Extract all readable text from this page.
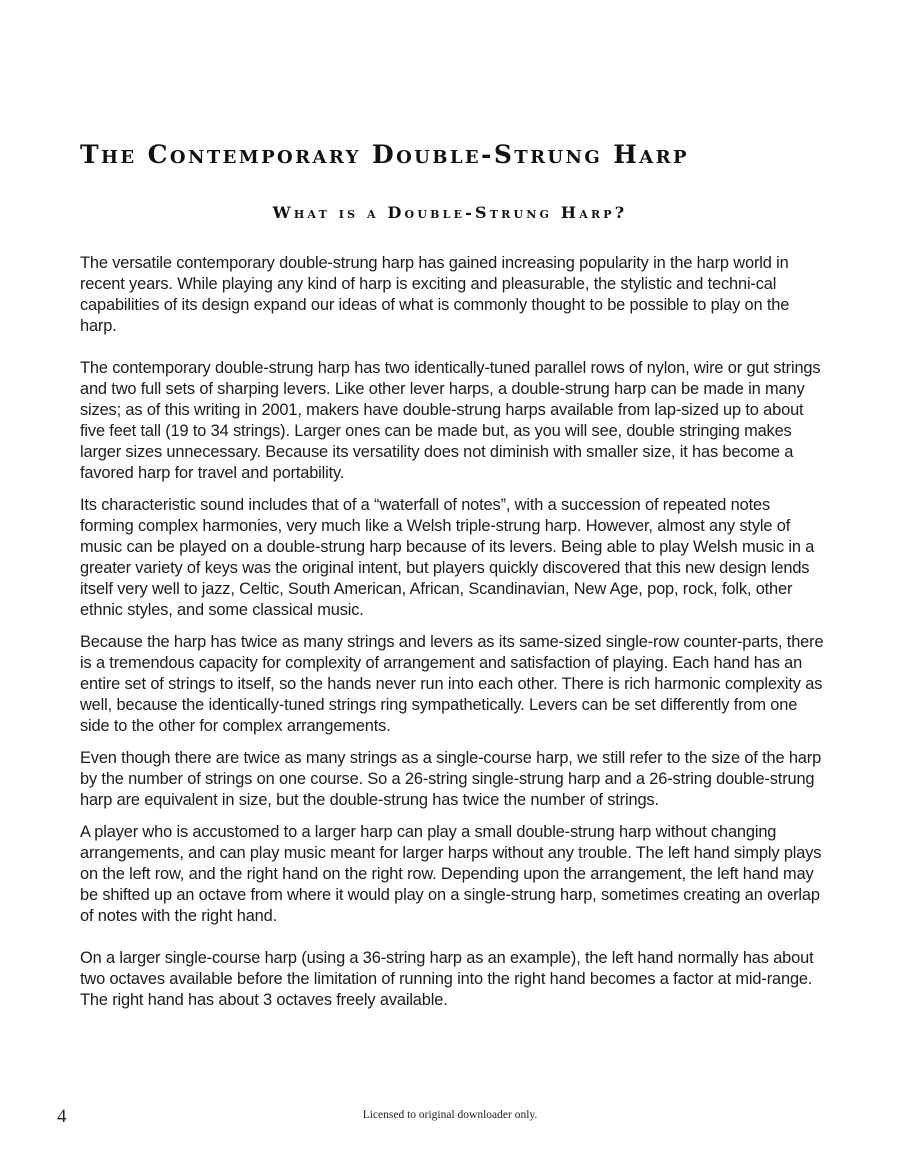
The Contemporary Double-Strung Harp
What is a Double-Strung Harp?

The versatile contemporary double-strung harp has gained increasing popularity in the harp world in recent years. While playing any kind of harp is exciting and pleasurable, the stylistic and techni-cal capabilities of its design expand our ideas of what is commonly thought to be possible to play on the harp.

The contemporary double-strung harp has two identically-tuned parallel rows of nylon, wire or gut strings and two full sets of sharping levers. Like other lever harps, a double-strung harp can be made in many sizes; as of this writing in 2001, makers have double-strung harps available from lap-sized up to about five feet tall (19 to 34 strings). Larger ones can be made but, as you will see, double stringing makes larger sizes unnecessary. Because its versatility does not diminish with smaller size, it has become a favored harp for travel and portability.

Its characteristic sound includes that of a “waterfall of notes”, with a succession of repeated notes forming complex harmonies, very much like a Welsh triple-strung harp. However, almost any style of music can be played on a double-strung harp because of its levers. Being able to play Welsh music in a greater variety of keys was the original intent, but players quickly discovered that this new design lends itself very well to jazz, Celtic, South American, African, Scandinavian, New Age, pop, rock, folk, other ethnic styles, and some classical music.

Because the harp has twice as many strings and levers as its same-sized single-row counter-parts, there is a tremendous capacity for complexity of arrangement and satisfaction of playing. Each hand has an entire set of strings to itself, so the hands never run into each other. There is rich harmonic complexity as well, because the identically-tuned strings ring sympathetically. Levers can be set differently from one side to the other for complex arrangements.

Even though there are twice as many strings as a single-course harp, we still refer to the size of the harp by the number of strings on one course. So a 26-string single-strung harp and a 26-string double-strung harp are equivalent in size, but the double-strung has twice the number of strings.

A player who is accustomed to a larger harp can play a small double-strung harp without changing arrangements, and can play music meant for larger harps without any trouble. The left hand simply plays on the left row, and the right hand on the right row. Depending upon the arrangement, the left hand may be shifted up an octave from where it would play on a single-strung harp, sometimes creating an overlap of notes with the right hand.

On a larger single-course harp (using a 36-string harp as an example), the left hand normally has about two octaves available before the limitation of running into the right hand becomes a factor at mid-range. The right hand has about 3 octaves freely available.

4	Licensed to original downloader only.
